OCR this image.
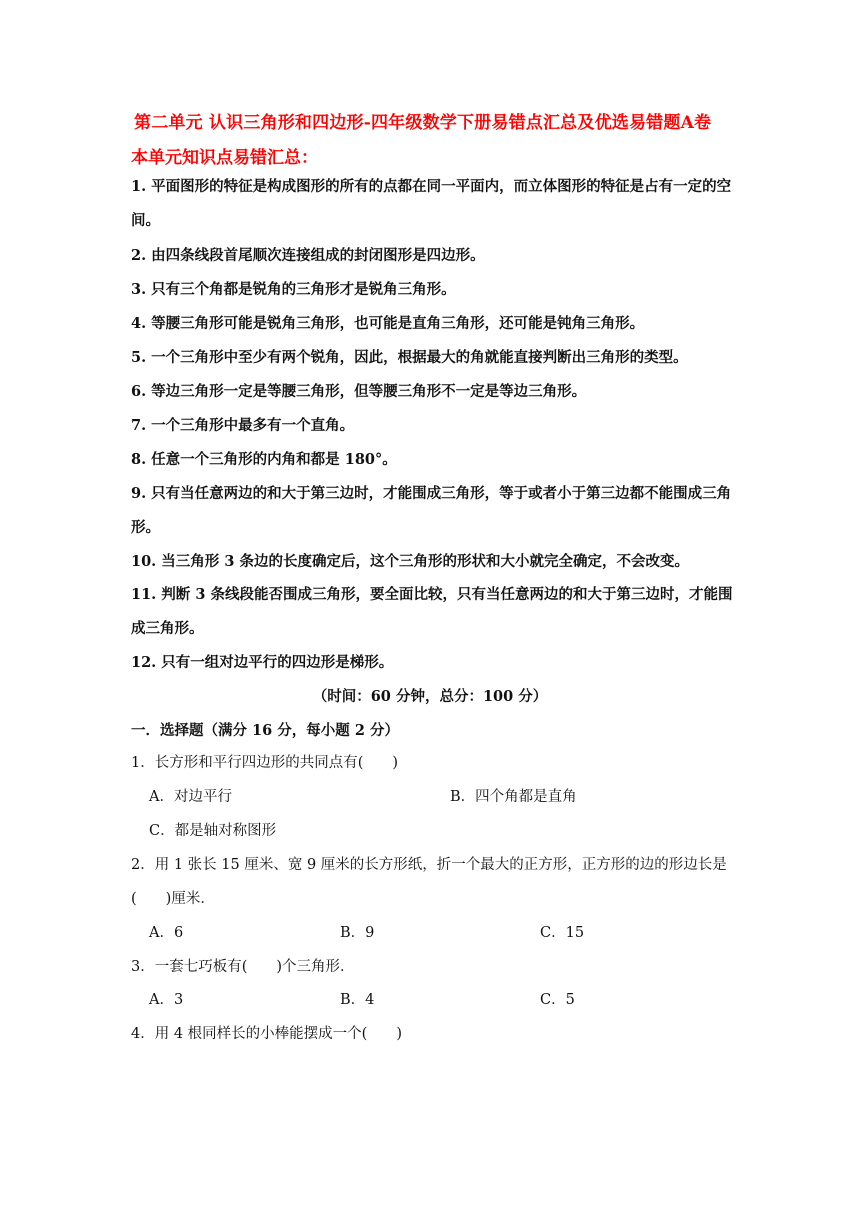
第二单元 认识三角形和四边形-四年级数学下册易错点汇总及优选易错题A卷
本单元知识点易错汇总：
1. 平面图形的特征是构成图形的所有的点都在同一平面内，而立体图形的特征是占有一定的空间。
2. 由四条线段首尾顺次连接组成的封闭图形是四边形。
3. 只有三个角都是锐角的三角形才是锐角三角形。
4. 等腰三角形可能是锐角三角形，也可能是直角三角形，还可能是钝角三角形。
5. 一个三角形中至少有两个锐角，因此，根据最大的角就能直接判断出三角形的类型。
6. 等边三角形一定是等腰三角形，但等腰三角形不一定是等边三角形。
7. 一个三角形中最多有一个直角。
8. 任意一个三角形的内角和都是 180°。
9. 只有当任意两边的和大于第三边时，才能围成三角形，等于或者小于第三边都不能围成三角形。
10. 当三角形 3 条边的长度确定后，这个三角形的形状和大小就完全确定，不会改变。
11. 判断 3 条线段能否围成三角形，要全面比较，只有当任意两边的和大于第三边时，才能围成三角形。
12. 只有一组对边平行的四边形是梯形。
（时间：60 分钟，总分：100 分）
一．选择题（满分 16 分，每小题 2 分）
1．长方形和平行四边形的共同点有(　　)
A．对边平行	B．四个角都是直角
C．都是轴对称图形
2．用 1 张长 15 厘米、宽 9 厘米的长方形纸，折一个最大的正方形，正方形的边的形边长是(　　)厘米．
A．6	B．9	C．15
3．一套七巧板有(　　)个三角形．
A．3	B．4	C．5
4．用 4 根同样长的小棒能摆成一个(　　)
